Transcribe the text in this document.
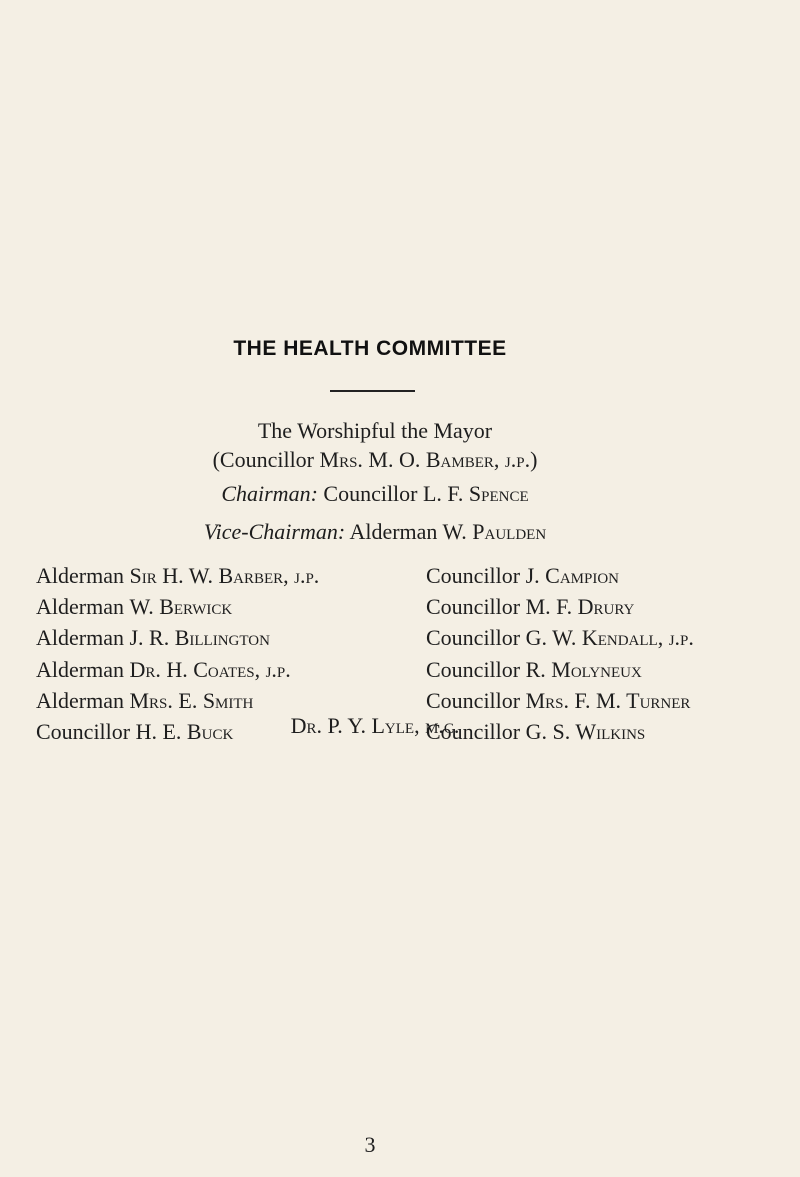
THE HEALTH COMMITTEE
The Worshipful the Mayor
(Councillor Mrs. M. O. Bamber, j.p.)
Chairman: Councillor L. F. Spence
Vice-Chairman: Alderman W. Paulden
Alderman Sir H. W. Barber, j.p.
Alderman W. Berwick
Alderman J. R. Billington
Alderman Dr. H. Coates, j.p.
Alderman Mrs. E. Smith
Councillor H. E. Buck
Councillor J. Campion
Councillor M. F. Drury
Councillor G. W. Kendall, j.p.
Councillor R. Molyneux
Councillor Mrs. F. M. Turner
Councillor G. S. Wilkins
Dr. P. Y. Lyle, m.c.
3
